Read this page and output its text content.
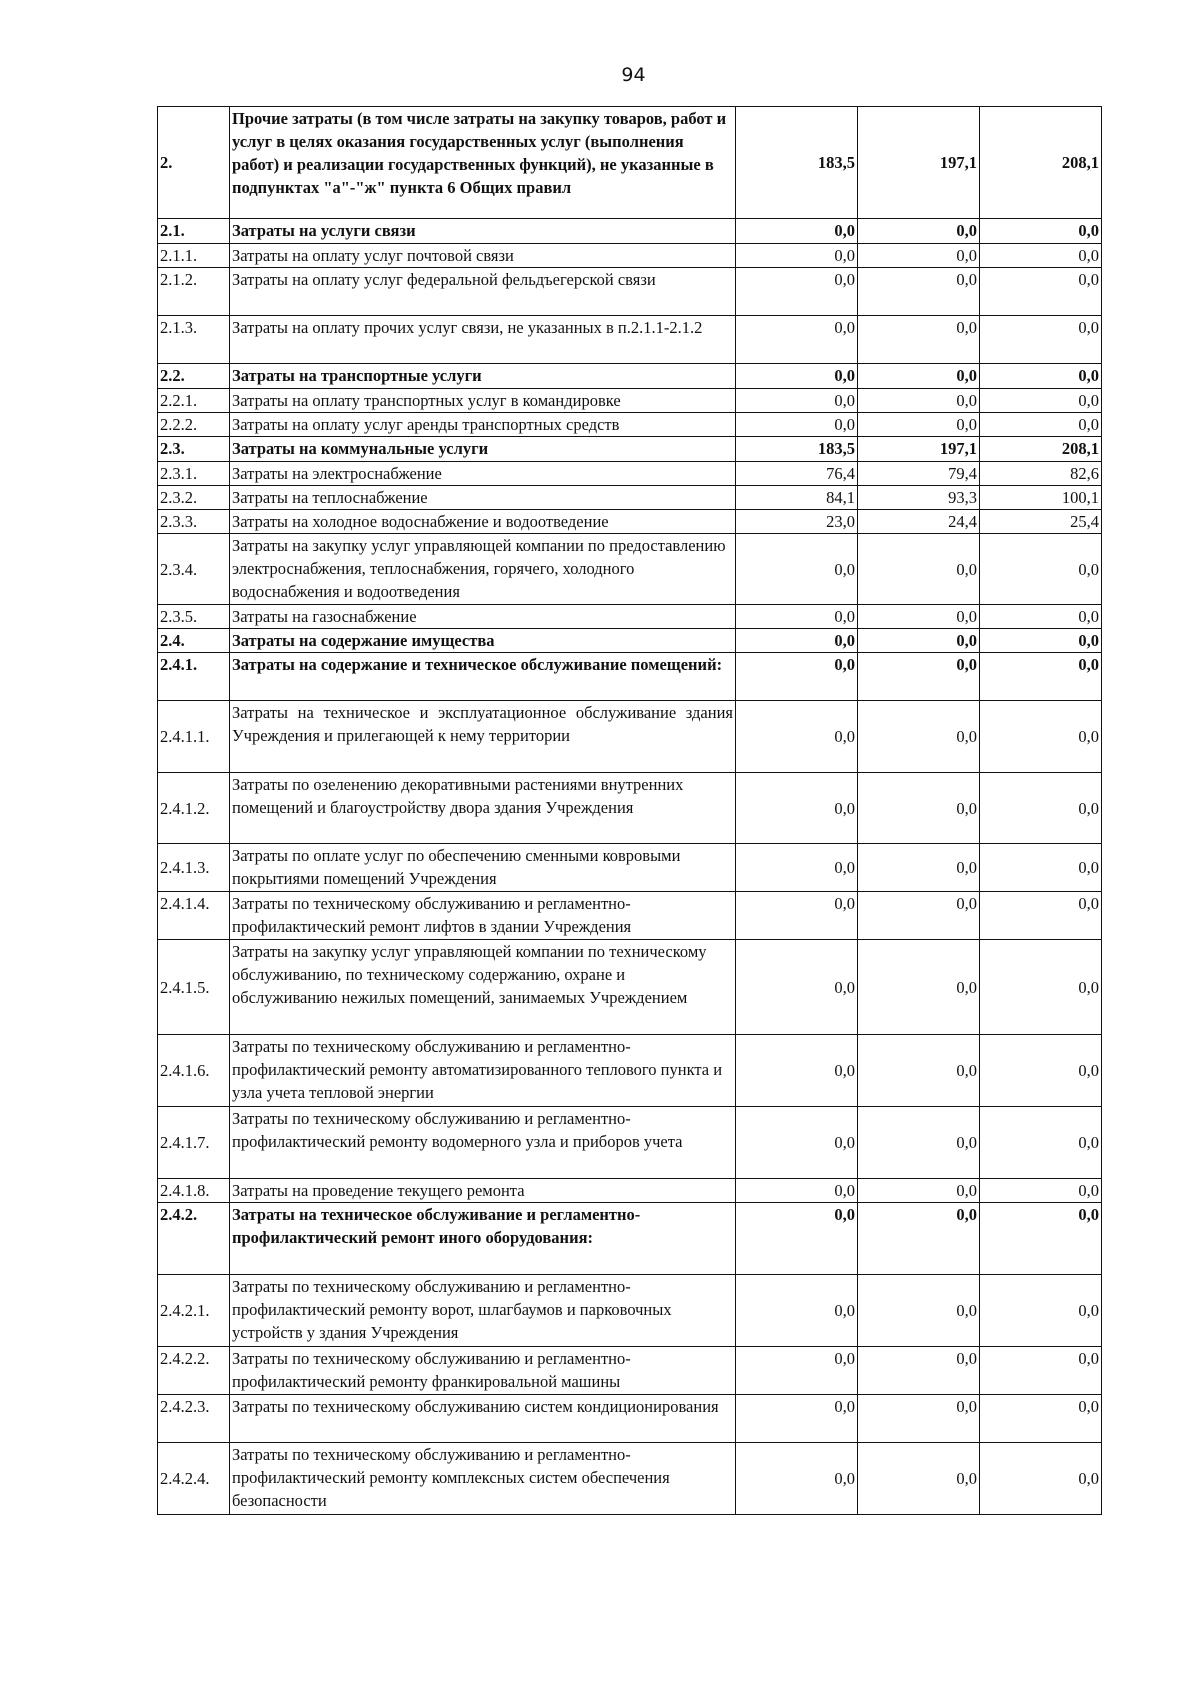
94
2.	Прочие затраты (в том числе затраты на закупку товаров, работ и услуг в целях оказания государственных услуг (выполнения работ) и реализации государственных функций), не указанные в подпунктах "а"-"ж" пункта 6 Общих правил	183,5	197,1	208,1
2.1.	Затраты на услуги связи	0,0	0,0	0,0
2.1.1.	Затраты на оплату услуг почтовой связи	0,0	0,0	0,0
2.1.2.	Затраты на оплату услуг федеральной фельдъегерской связи	0,0	0,0	0,0
2.1.3.	Затраты на оплату прочих услуг связи, не указанных в п.2.1.1-2.1.2	0,0	0,0	0,0
2.2.	Затраты на транспортные услуги	0,0	0,0	0,0
2.2.1.	Затраты на оплату транспортных услуг в командировке	0,0	0,0	0,0
2.2.2.	Затраты на оплату услуг аренды транспортных средств	0,0	0,0	0,0
2.3.	Затраты на коммунальные услуги	183,5	197,1	208,1
2.3.1.	Затраты на электроснабжение	76,4	79,4	82,6
2.3.2.	Затраты на теплоснабжение	84,1	93,3	100,1
2.3.3.	Затраты на холодное водоснабжение и водоотведение	23,0	24,4	25,4
2.3.4.	Затраты на закупку услуг управляющей компании по предоставлению электроснабжения, теплоснабжения, горячего, холодного водоснабжения и водоотведения	0,0	0,0	0,0
2.3.5.	Затраты на газоснабжение	0,0	0,0	0,0
2.4.	Затраты на содержание имущества	0,0	0,0	0,0
2.4.1.	Затраты на содержание и техническое обслуживание помещений:	0,0	0,0	0,0
2.4.1.1.	Затраты на техническое и эксплуатационное обслуживание здания Учреждения и прилегающей к нему территории	0,0	0,0	0,0
2.4.1.2.	Затраты по озеленению декоративными растениями внутренних помещений и благоустройству двора здания Учреждения	0,0	0,0	0,0
2.4.1.3.	Затраты по оплате услуг по обеспечению сменными ковровыми покрытиями помещений Учреждения	0,0	0,0	0,0
2.4.1.4.	Затраты по техническому обслуживанию и регламентно-профилактический ремонт лифтов в здании Учреждения	0,0	0,0	0,0
2.4.1.5.	Затраты на закупку услуг управляющей компании по техническому обслуживанию, по техническому содержанию, охране и обслуживанию нежилых помещений, занимаемых Учреждением	0,0	0,0	0,0
2.4.1.6.	Затраты по техническому обслуживанию и регламентно-профилактический ремонту автоматизированного теплового пункта и узла учета тепловой энергии	0,0	0,0	0,0
2.4.1.7.	Затраты по техническому обслуживанию и регламентно-профилактический ремонту водомерного узла и приборов учета	0,0	0,0	0,0
2.4.1.8.	Затраты на проведение текущего ремонта	0,0	0,0	0,0
2.4.2.	Затраты на техническое обслуживание и регламентно-профилактический ремонт иного оборудования:	0,0	0,0	0,0
2.4.2.1.	Затраты по техническому обслуживанию и регламентно-профилактический ремонту ворот, шлагбаумов и парковочных устройств у здания Учреждения	0,0	0,0	0,0
2.4.2.2.	Затраты по техническому обслуживанию и регламентно-профилактический ремонту франкировальной машины	0,0	0,0	0,0
2.4.2.3.	Затраты по техническому обслуживанию систем кондиционирования	0,0	0,0	0,0
2.4.2.4.	Затраты по техническому обслуживанию и регламентно-профилактический ремонту комплексных систем обеспечения безопасности	0,0	0,0	0,0
